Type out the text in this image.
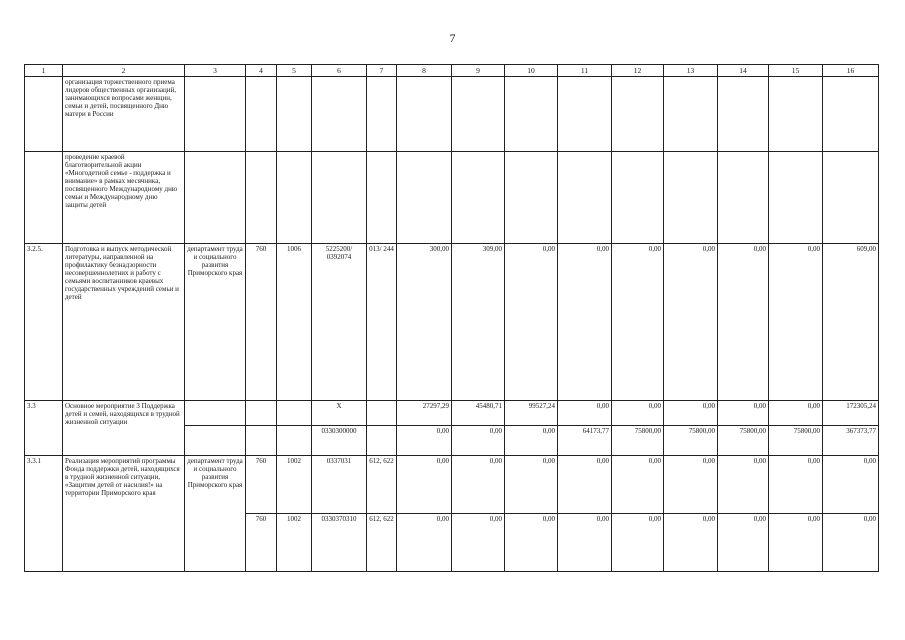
7
1	2	3	4	5	6	7	8	9	10	11	12	13	14	15	16
	организация торжественного приема лидеров общественных организаций, занимающихся вопросами женщин, семьи и детей, посвященного Дню матери в России														
	проведение краевой благотворительной акции «Многодетной семье - поддержка и внимание» в рамках месячника, посвященного Международному дню семьи и Международному дню защиты детей														
3.2.5.	Подготовка и выпуск методической литературы, направленной на профилактику безнадзорности несовершеннолетних и работу с семьями воспитанников краевых государственных учреждений семьи и детей	департамент труда и социального развития Приморского края	760	1006	5225200/ 0392074	013/ 244	300,00	309,00	0,00	0,00	0,00	0,00	0,00	0,00	609,00
3.3	Основное мероприятие 3 Поддержка детей и семей, находящихся в трудной жизненной ситуации				X		27297,29	45480,71	99527,24	0,00	0,00	0,00	0,00	0,00	172305,24
					0330300000		0,00	0,00	0,00	64173,77	75800,00	75800,00	75800,00	75800,00	367373,77
3.3.1	Реализация мероприятий программы Фонда поддержки детей, находящихся в трудной жизненной ситуации, «Защитим детей от насилия!» на территории Приморского края	департамент труда и социального развития Приморского края	760	1002	0337031	612, 622	0,00	0,00	0,00	0,00	0,00	0,00	0,00	0,00	0,00
			760	1002	0330370310	612, 622	0,00	0,00	0,00	0,00	0,00	0,00	0,00	0,00	0,00
